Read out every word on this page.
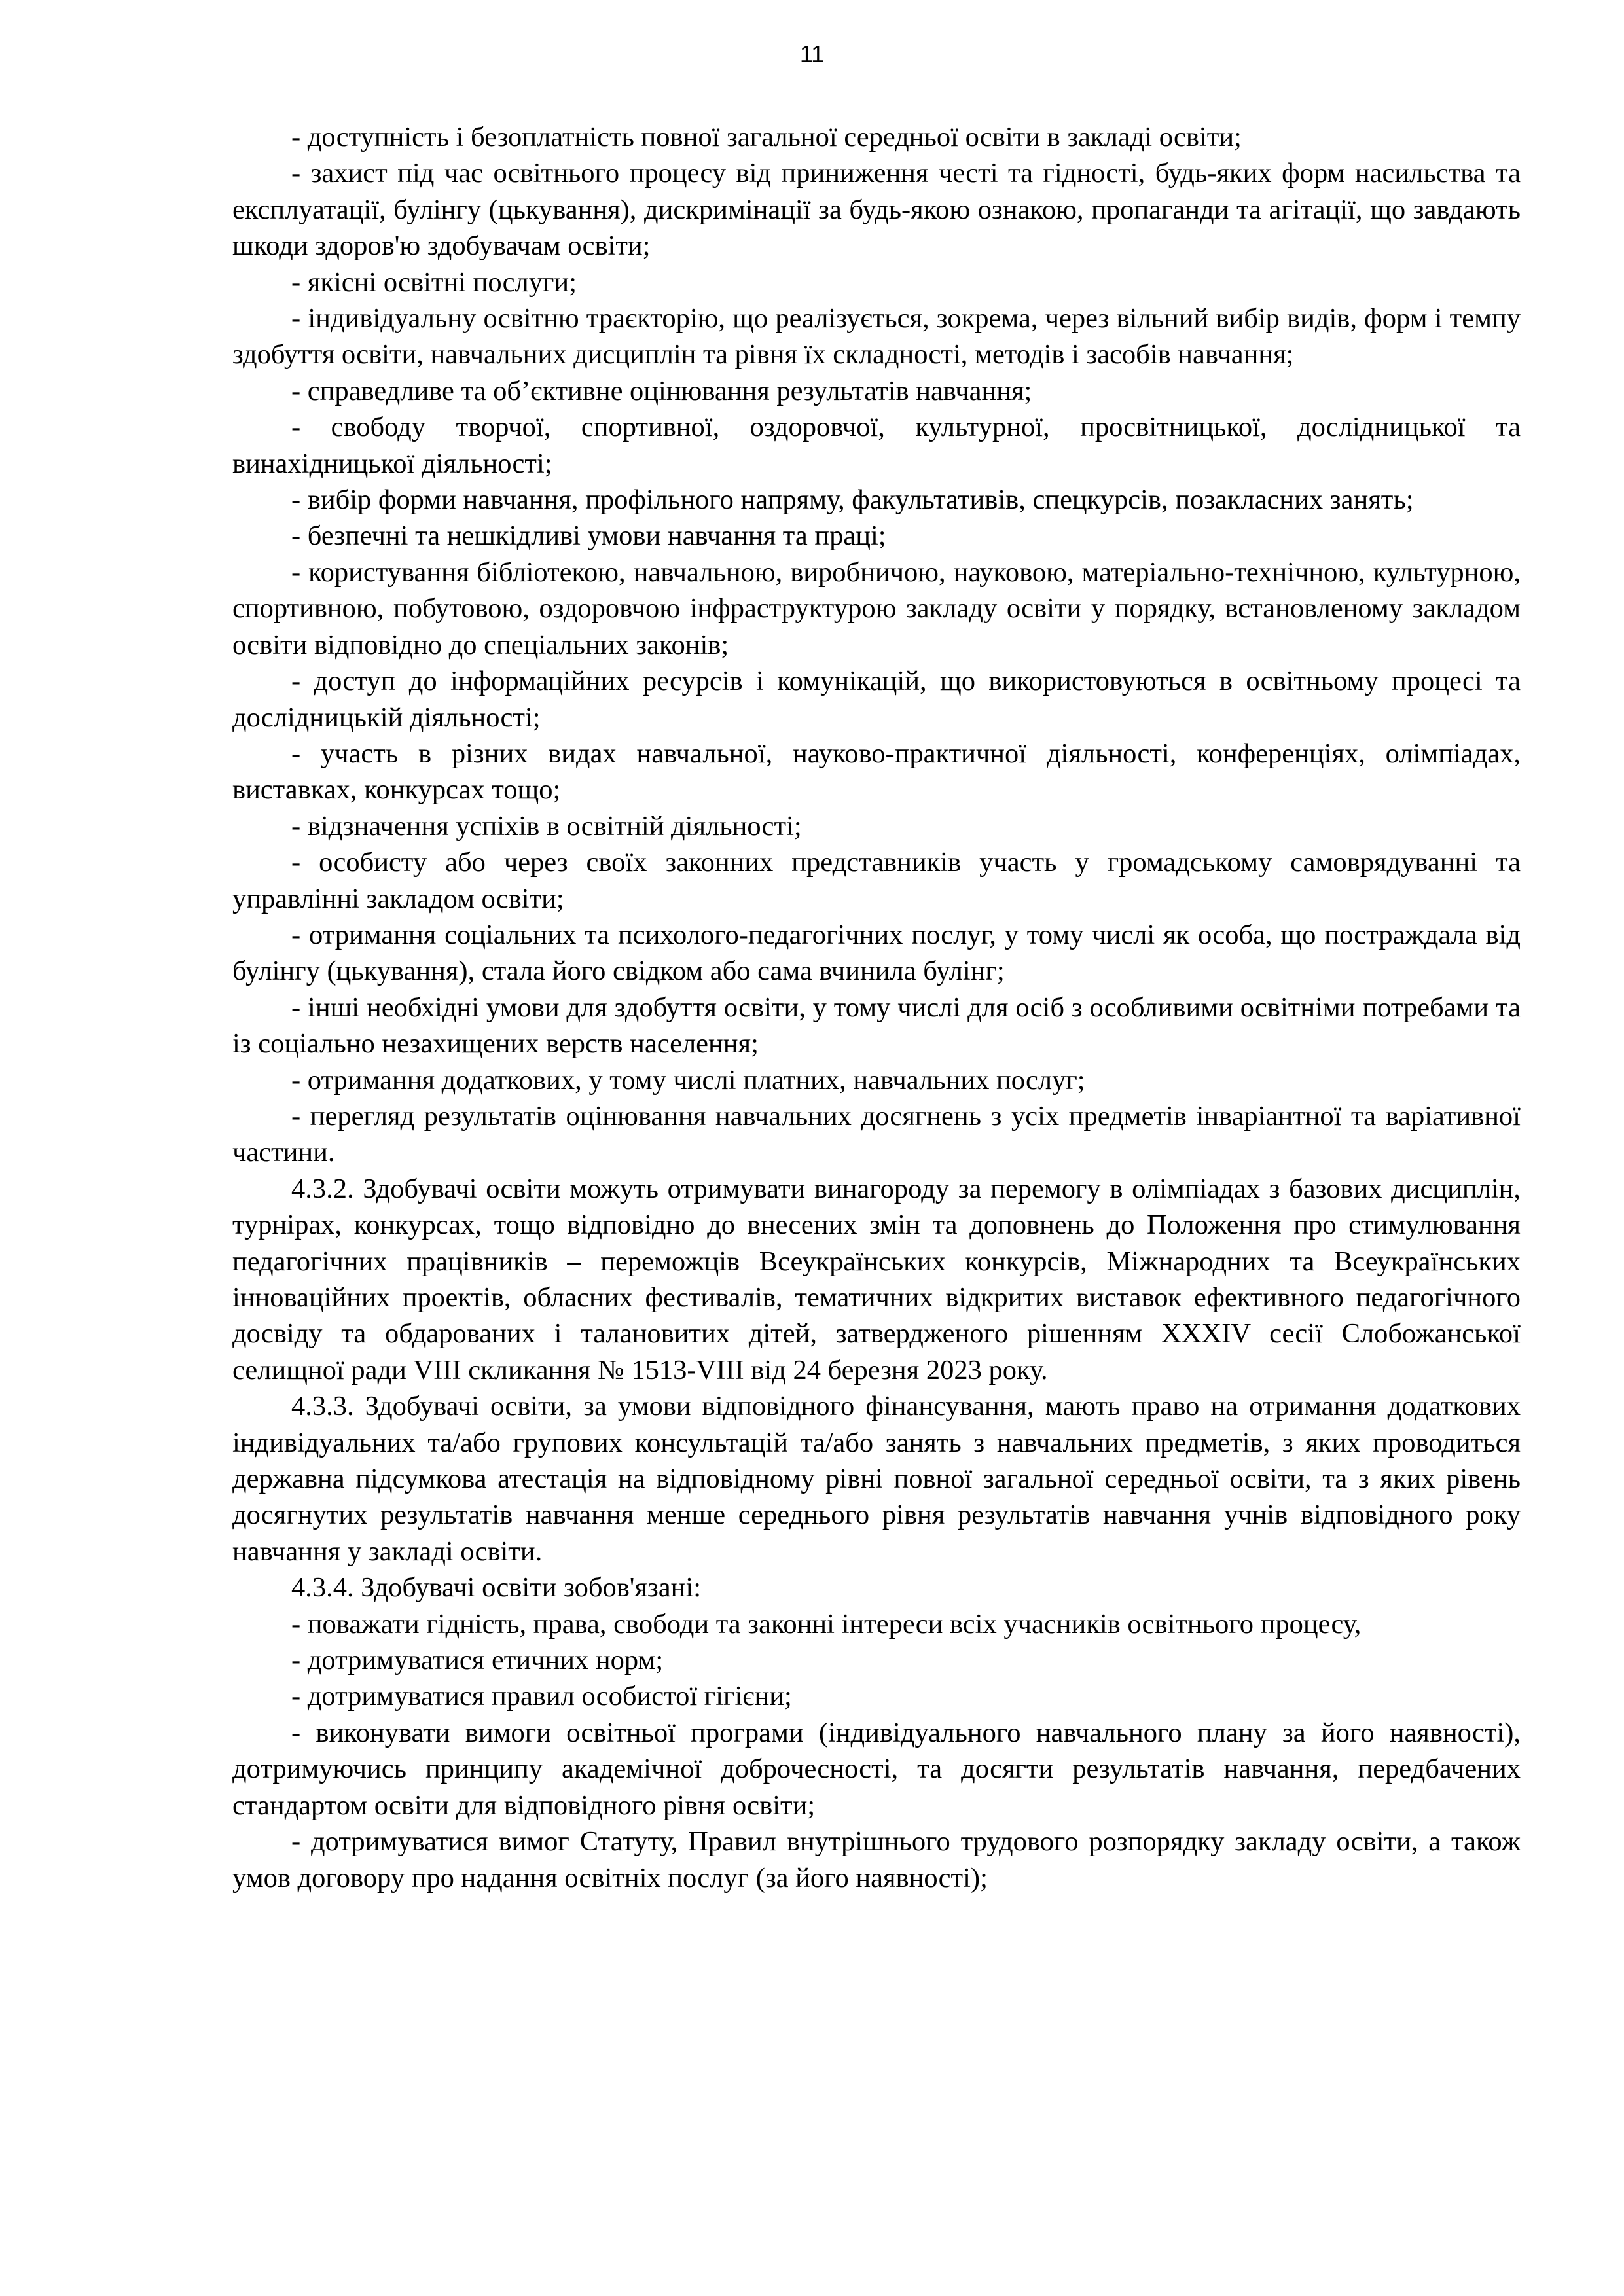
11

- доступність і безоплатність повної загальної середньої освіти в закладі освіти;

- захист під час освітнього процесу від приниження честі та гідності, будь-яких форм насильства та експлуатації, булінгу (цькування), дискримінації за будь-якою ознакою, пропаганди та агітації, що завдають шкоди здоров'ю здобувачам освіти;

- якісні освітні послуги;

- індивідуальну освітню траєкторію, що реалізується, зокрема, через вільний вибір видів, форм і темпу здобуття освіти, навчальних дисциплін та рівня їх складності, методів і засобів навчання;

- справедливе та об’єктивне оцінювання результатів навчання;

- свободу творчої, спортивної, оздоровчої, культурної, просвітницької, дослідницької та винахідницької діяльності;

- вибір форми навчання, профільного напряму, факультативів, спецкурсів, позакласних занять;

- безпечні та нешкідливі умови навчання та праці;

- користування бібліотекою, навчальною, виробничою, науковою, матеріально-технічною, культурною, спортивною, побутовою, оздоровчою інфраструктурою закладу освіти у порядку, встановленому закладом освіти відповідно до спеціальних законів;

- доступ до інформаційних ресурсів і комунікацій, що використовуються в освітньому процесі та дослідницькій діяльності;

- участь в різних видах навчальної, науково-практичної діяльності, конференціях, олімпіадах, виставках, конкурсах тощо;

- відзначення успіхів в освітній діяльності;

- особисту або через своїх законних представників участь у громадському самоврядуванні та управлінні закладом освіти;

- отримання соціальних та психолого-педагогічних послуг, у тому числі як особа, що постраждала від булінгу (цькування), стала його свідком або сама вчинила булінг;

- інші необхідні умови для здобуття освіти, у тому числі для осіб з особливими освітніми потребами та із соціально незахищених верств населення;

- отримання додаткових, у тому числі платних, навчальних послуг;

- перегляд результатів оцінювання навчальних досягнень з усіх предметів інваріантної та варіативної частини.

4.3.2. Здобувачі освіти можуть отримувати винагороду за перемогу в олімпіадах з базових дисциплін, турнірах, конкурсах, тощо відповідно до внесених змін та доповнень до Положення про стимулювання педагогічних працівників – переможців Всеукраїнських конкурсів, Міжнародних та Всеукраїнських інноваційних проектів, обласних фестивалів, тематичних відкритих виставок ефективного педагогічного досвіду та обдарованих і талановитих дітей, затвердженого рішенням XXXIV сесії Слобожанської селищної ради VIII скликання № 1513-VIII від 24 березня 2023 року.

4.3.3. Здобувачі освіти, за умови відповідного фінансування, мають право на отримання додаткових індивідуальних та/або групових консультацій та/або занять з навчальних предметів, з яких проводиться державна підсумкова атестація на відповідному рівні повної загальної середньої освіти, та з яких рівень досягнутих результатів навчання менше середнього рівня результатів навчання учнів відповідного року навчання у закладі освіти.

4.3.4. Здобувачі освіти зобов'язані:

- поважати гідність, права, свободи та законні інтереси всіх учасників освітнього процесу,

- дотримуватися етичних норм;

- дотримуватися правил особистої гігієни;

- виконувати вимоги освітньої програми (індивідуального навчального плану за його наявності), дотримуючись принципу академічної доброчесності, та досягти результатів навчання, передбачених стандартом освіти для відповідного рівня освіти;

- дотримуватися вимог Статуту, Правил внутрішнього трудового розпорядку закладу освіти, а також умов договору про надання освітніх послуг (за його наявності);
